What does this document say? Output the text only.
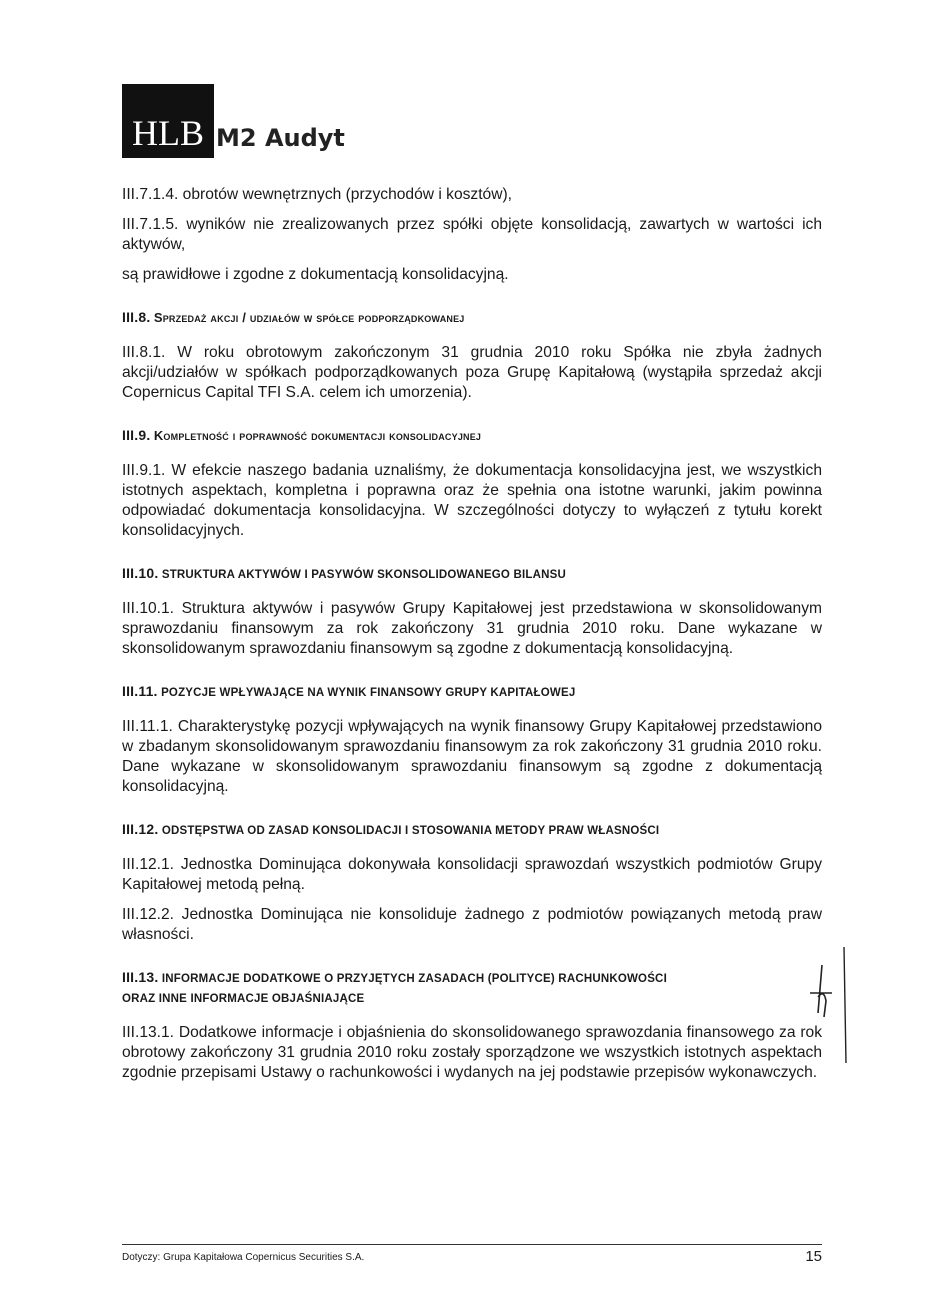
HLB M2 Audyt

III.7.1.4. obrotów wewnętrznych (przychodów i kosztów),

III.7.1.5. wyników nie zrealizowanych przez spółki objęte konsolidacją, zawartych w wartości ich aktywów,

są prawidłowe i zgodne z dokumentacją konsolidacyjną.

III.8. Sprzedaż akcji / udziałów w spółce podporządkowanej

III.8.1. W roku obrotowym zakończonym 31 grudnia 2010 roku Spółka nie zbyła żadnych akcji/udziałów w spółkach podporządkowanych poza Grupę Kapitałową (wystąpiła sprzedaż akcji Copernicus Capital TFI S.A. celem ich umorzenia).

III.9. Kompletność i poprawność dokumentacji konsolidacyjnej

III.9.1. W efekcie naszego badania uznaliśmy, że dokumentacja konsolidacyjna jest, we wszystkich istotnych aspektach, kompletna i poprawna oraz że spełnia ona istotne warunki, jakim powinna odpowiadać dokumentacja konsolidacyjna. W szczególności dotyczy to wyłączeń z tytułu korekt konsolidacyjnych.

III.10. STRUKTURA AKTYWÓW I PASYWÓW SKONSOLIDOWANEGO BILANSU

III.10.1. Struktura aktywów i pasywów Grupy Kapitałowej jest przedstawiona w skonsolidowanym sprawozdaniu finansowym za rok zakończony 31 grudnia 2010 roku. Dane wykazane w skonsolidowanym sprawozdaniu finansowym są zgodne z dokumentacją konsolidacyjną.

III.11. POZYCJE WPŁYWAJĄCE NA WYNIK FINANSOWY GRUPY KAPITAŁOWEJ

III.11.1. Charakterystykę pozycji wpływających na wynik finansowy Grupy Kapitałowej przedstawiono w zbadanym skonsolidowanym sprawozdaniu finansowym za rok zakończony 31 grudnia 2010 roku. Dane wykazane w skonsolidowanym sprawozdaniu finansowym są zgodne z dokumentacją konsolidacyjną.

III.12. ODSTĘPSTWA OD ZASAD KONSOLIDACJI I STOSOWANIA METODY PRAW WŁASNOŚCI

III.12.1. Jednostka Dominująca dokonywała konsolidacji sprawozdań wszystkich podmiotów Grupy Kapitałowej metodą pełną.

III.12.2. Jednostka Dominująca nie konsoliduje żadnego z podmiotów powiązanych metodą praw własności.

III.13. INFORMACJE DODATKOWE O PRZYJĘTYCH ZASADACH (POLITYCE) RACHUNKOWOŚCI
ORAZ INNE INFORMACJE OBJAŚNIAJĄCE

III.13.1. Dodatkowe informacje i objaśnienia do skonsolidowanego sprawozdania finansowego za rok obrotowy zakończony 31 grudnia 2010 roku zostały sporządzone we wszystkich istotnych aspektach zgodnie przepisami Ustawy o rachunkowości i wydanych na jej podstawie przepisów wykonawczych.

Dotyczy: Grupa Kapitałowa Copernicus Securities S.A.	15
